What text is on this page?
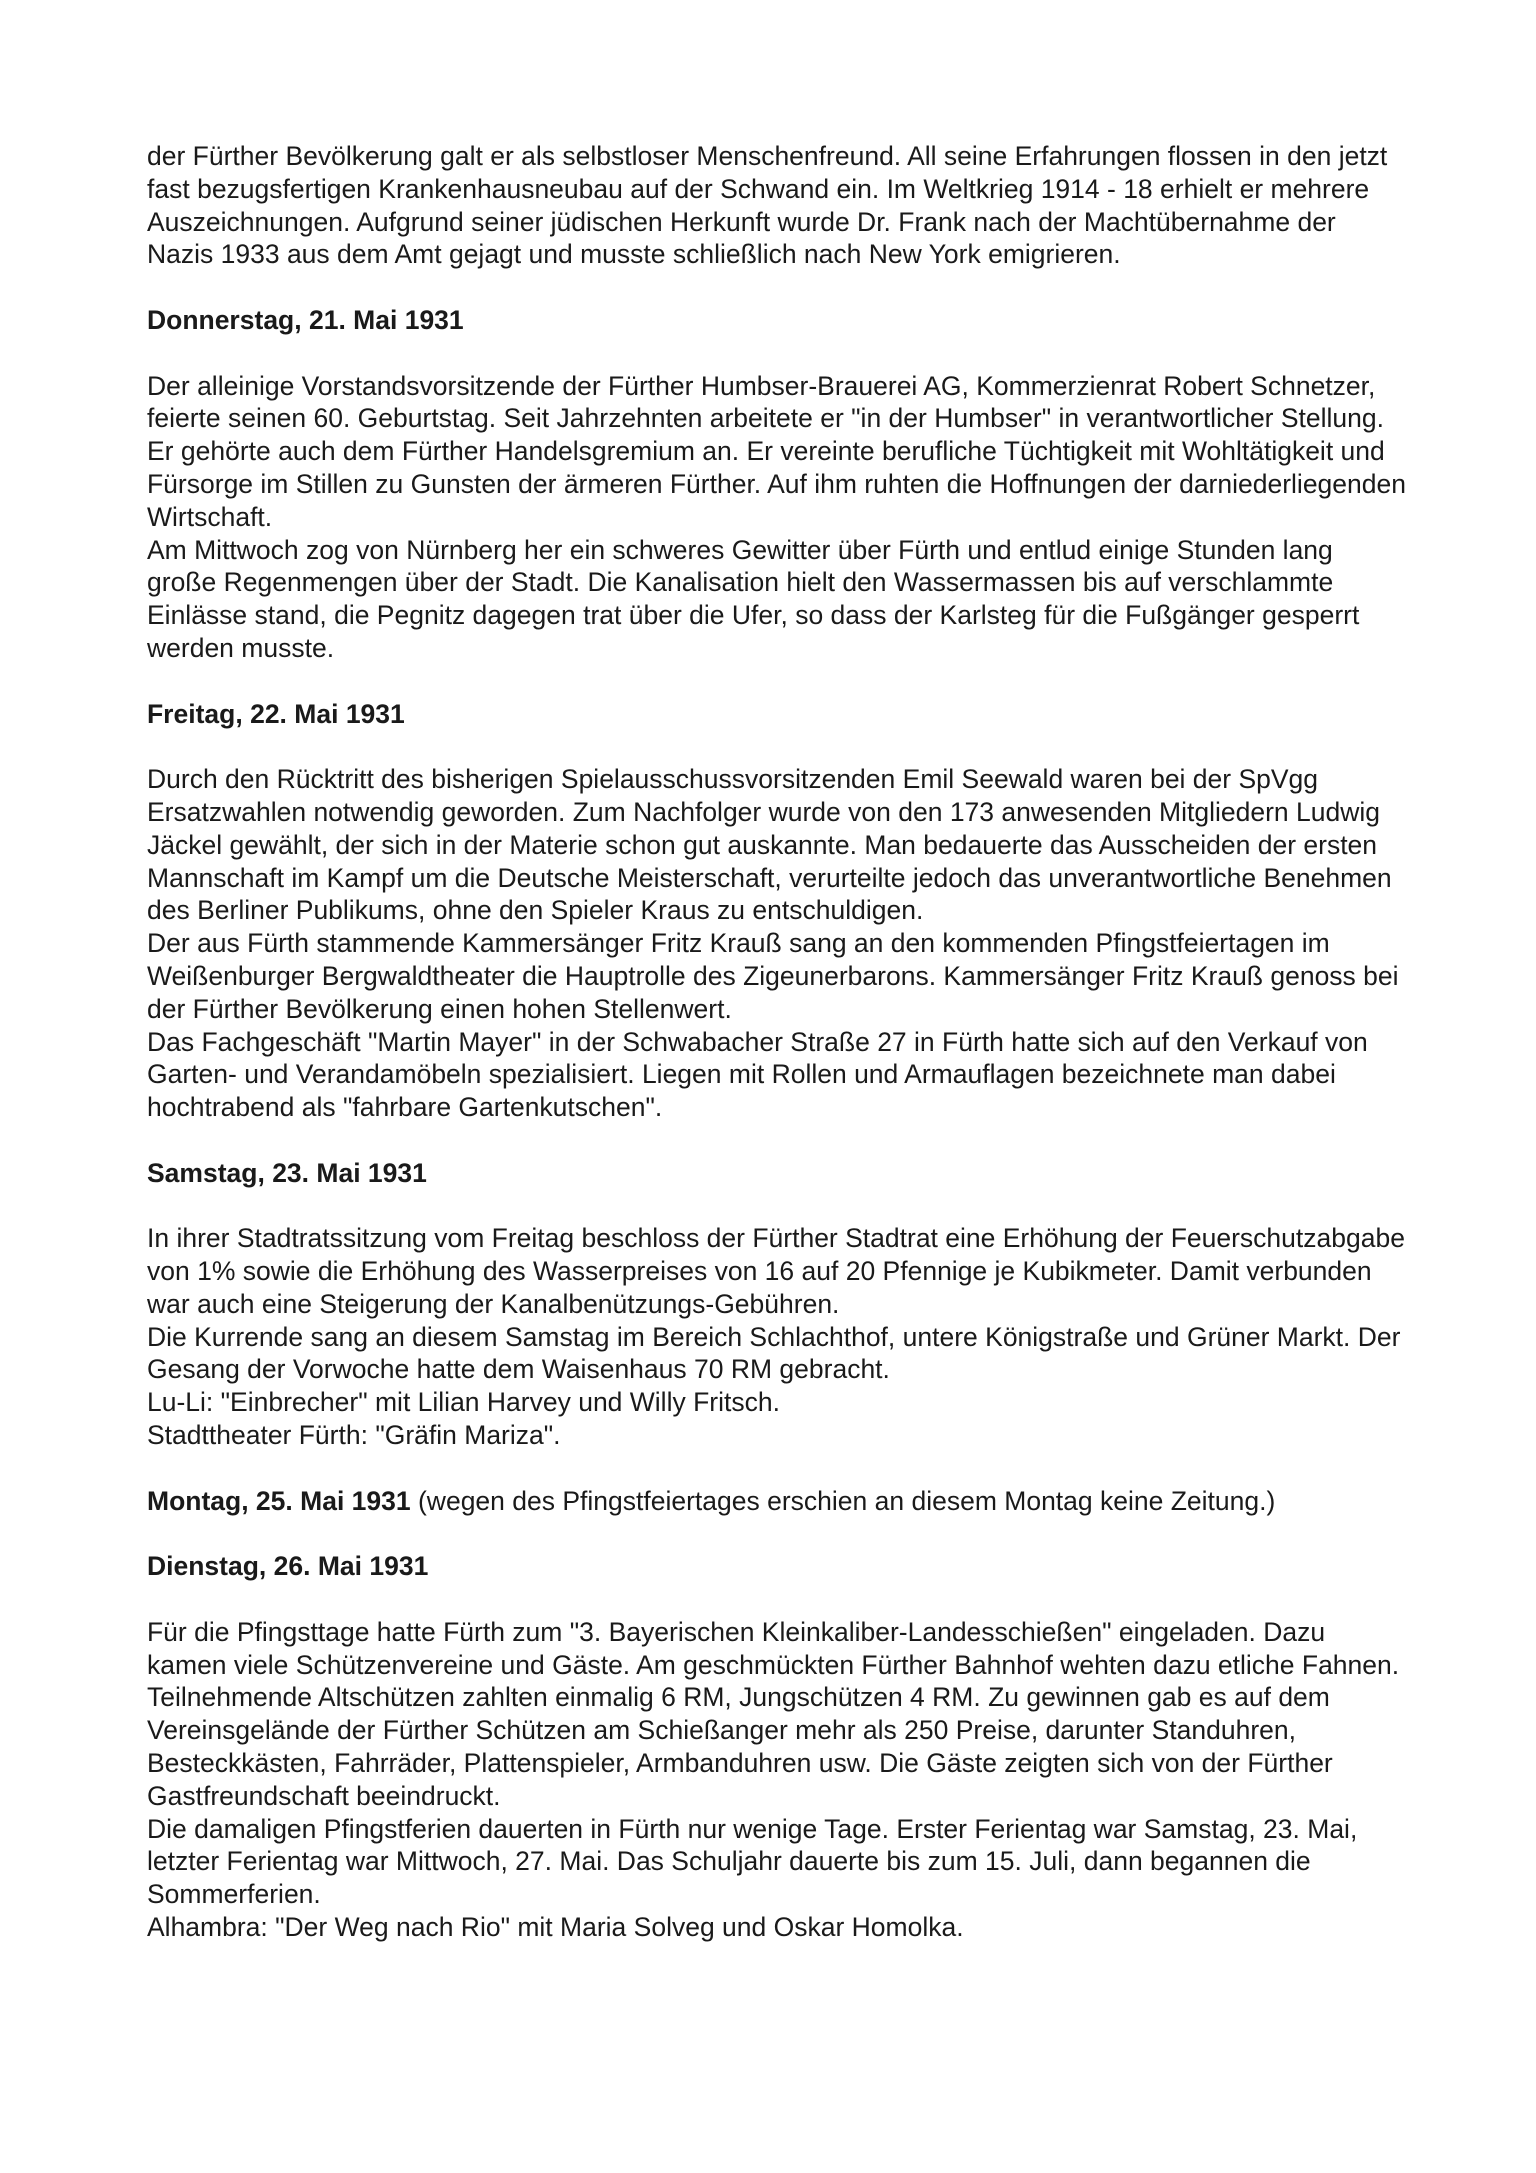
der Fürther Bevölkerung galt er als selbstloser Menschenfreund. All seine Erfahrungen flossen in den jetzt fast bezugsfertigen Krankenhausneubau auf der Schwand ein. Im Weltkrieg 1914 - 18 erhielt er mehrere Auszeichnungen. Aufgrund seiner jüdischen Herkunft wurde Dr. Frank nach der Machtübernahme der Nazis 1933 aus dem Amt gejagt und musste schließlich nach New York emigrieren.

Donnerstag, 21. Mai 1931

Der alleinige Vorstandsvorsitzende der Fürther Humbser-Brauerei AG, Kommerzienrat Robert Schnetzer, feierte seinen 60. Geburtstag. Seit Jahrzehnten arbeitete er "in der Humbser" in verantwortlicher Stellung. Er gehörte auch dem Fürther Handelsgremium an. Er vereinte berufliche Tüchtigkeit mit Wohltätigkeit und Fürsorge im Stillen zu Gunsten der ärmeren Fürther. Auf ihm ruhten die Hoffnungen der darniederliegenden Wirtschaft.

Am Mittwoch zog von Nürnberg her ein schweres Gewitter über Fürth und entlud einige Stunden lang große Regenmengen über der Stadt. Die Kanalisation hielt den Wassermassen bis auf verschlammte Einlässe stand, die Pegnitz dagegen trat über die Ufer, so dass der Karlsteg für die Fußgänger gesperrt werden musste.

Freitag, 22. Mai 1931

Durch den Rücktritt des bisherigen Spielausschussvorsitzenden Emil Seewald waren bei der SpVgg Ersatzwahlen notwendig geworden. Zum Nachfolger wurde von den 173 anwesenden Mitgliedern Ludwig Jäckel gewählt, der sich in der Materie schon gut auskannte. Man bedauerte das Ausscheiden der ersten Mannschaft im Kampf um die Deutsche Meisterschaft, verurteilte jedoch das unverantwortliche Benehmen des Berliner Publikums, ohne den Spieler Kraus zu entschuldigen.

Der aus Fürth stammende Kammersänger Fritz Krauß sang an den kommenden Pfingstfeiertagen im Weißenburger Bergwaldtheater die Hauptrolle des Zigeunerbarons. Kammersänger Fritz Krauß genoss bei der Fürther Bevölkerung einen hohen Stellenwert.

Das Fachgeschäft "Martin Mayer" in der Schwabacher Straße 27 in Fürth hatte sich auf den Verkauf von Garten- und Verandamöbeln spezialisiert. Liegen mit Rollen und Armauflagen bezeichnete man dabei hochtrabend als "fahrbare Gartenkutschen".

Samstag, 23. Mai 1931

In ihrer Stadtratssitzung vom Freitag beschloss der Fürther Stadtrat eine Erhöhung der Feuerschutzabgabe von 1% sowie die Erhöhung des Wasserpreises von 16 auf 20 Pfennige je Kubikmeter. Damit verbunden war auch eine Steigerung der Kanalbenützungs-Gebühren.

Die Kurrende sang an diesem Samstag im Bereich Schlachthof, untere Königstraße und Grüner Markt. Der Gesang der Vorwoche hatte dem Waisenhaus 70 RM gebracht.

Lu-Li: "Einbrecher" mit Lilian Harvey und Willy Fritsch.

Stadttheater Fürth: "Gräfin Mariza".

Montag, 25. Mai 1931 (wegen des Pfingstfeiertages erschien an diesem Montag keine Zeitung.)

Dienstag, 26. Mai 1931

Für die Pfingsttage hatte Fürth zum "3. Bayerischen Kleinkaliber-Landesschießen" eingeladen. Dazu kamen viele Schützenvereine und Gäste. Am geschmückten Fürther Bahnhof wehten dazu etliche Fahnen. Teilnehmende Altschützen zahlten einmalig 6 RM, Jungschützen 4 RM. Zu gewinnen gab es auf dem Vereinsgelände der Fürther Schützen am Schießanger mehr als 250 Preise, darunter Standuhren, Besteckkästen, Fahrräder, Plattenspieler, Armbanduhren usw. Die Gäste zeigten sich von der Fürther Gastfreundschaft beeindruckt.

Die damaligen Pfingstferien dauerten in Fürth nur wenige Tage. Erster Ferientag war Samstag, 23. Mai, letzter Ferientag war Mittwoch, 27. Mai. Das Schuljahr dauerte bis zum 15. Juli, dann begannen die Sommerferien.

Alhambra: "Der Weg nach Rio" mit Maria Solveg und Oskar Homolka.
